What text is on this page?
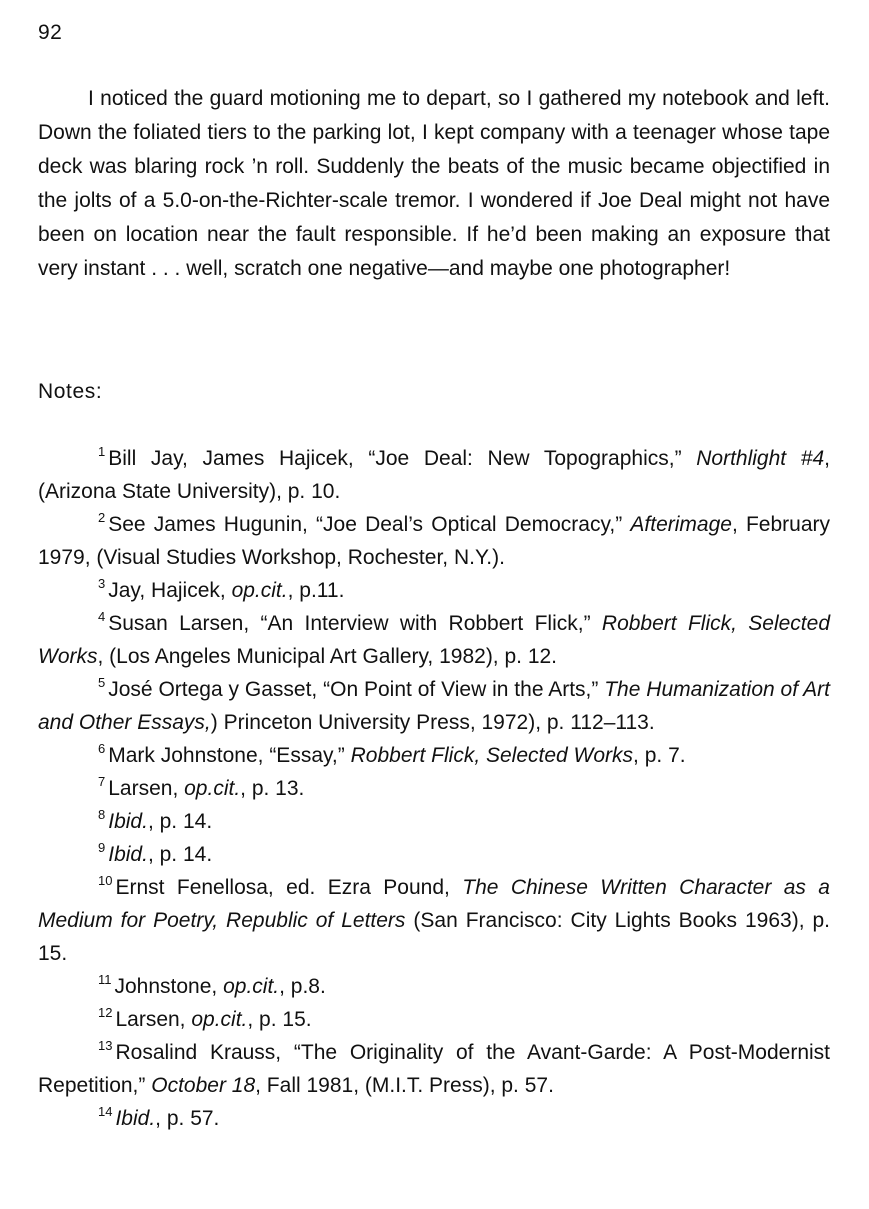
92

I noticed the guard motioning me to depart, so I gathered my notebook and left. Down the foliated tiers to the parking lot, I kept company with a teenager whose tape deck was blaring rock ’n roll. Suddenly the beats of the music became objectified in the jolts of a 5.0-on-the-Richter-scale tremor. I wondered if Joe Deal might not have been on location near the fault responsible. If he’d been making an exposure that very instant . . . well, scratch one negative—and maybe one photographer!

Notes:
$^1$ Bill Jay, James Hajicek, “Joe Deal: New Topographics,” Northlight #4, (Arizona State University), p. 10.
$^2$ See James Hugunin, “Joe Deal’s Optical Democracy,” Afterimage, February 1979, (Visual Studies Workshop, Rochester, N.Y.).
$^3$ Jay, Hajicek, op.cit., p.11.
$^4$ Susan Larsen, “An Interview with Robbert Flick,” Robbert Flick, Selected Works, (Los Angeles Municipal Art Gallery, 1982), p. 12.
$^5$ José Ortega y Gasset, “On Point of View in the Arts,” The Humanization of Art and Other Essays,) Princeton University Press, 1972), p. 112–113.
$^6$ Mark Johnstone, “Essay,” Robbert Flick, Selected Works, p. 7.
$^7$ Larsen, op.cit., p. 13.
$^8$ Ibid., p. 14.
$^9$ Ibid., p. 14.
$^{10}$ Ernst Fenellosa, ed. Ezra Pound, The Chinese Written Character as a Medium for Poetry, Republic of Letters (San Francisco: City Lights Books 1963), p. 15.
$^{11}$ Johnstone, op.cit., p.8.
$^{12}$ Larsen, op.cit., p. 15.
$^{13}$ Rosalind Krauss, “The Originality of the Avant-Garde: A Post-Modernist Repetition,” October 18, Fall 1981, (M.I.T. Press), p. 57.
$^{14}$ Ibid., p. 57.
